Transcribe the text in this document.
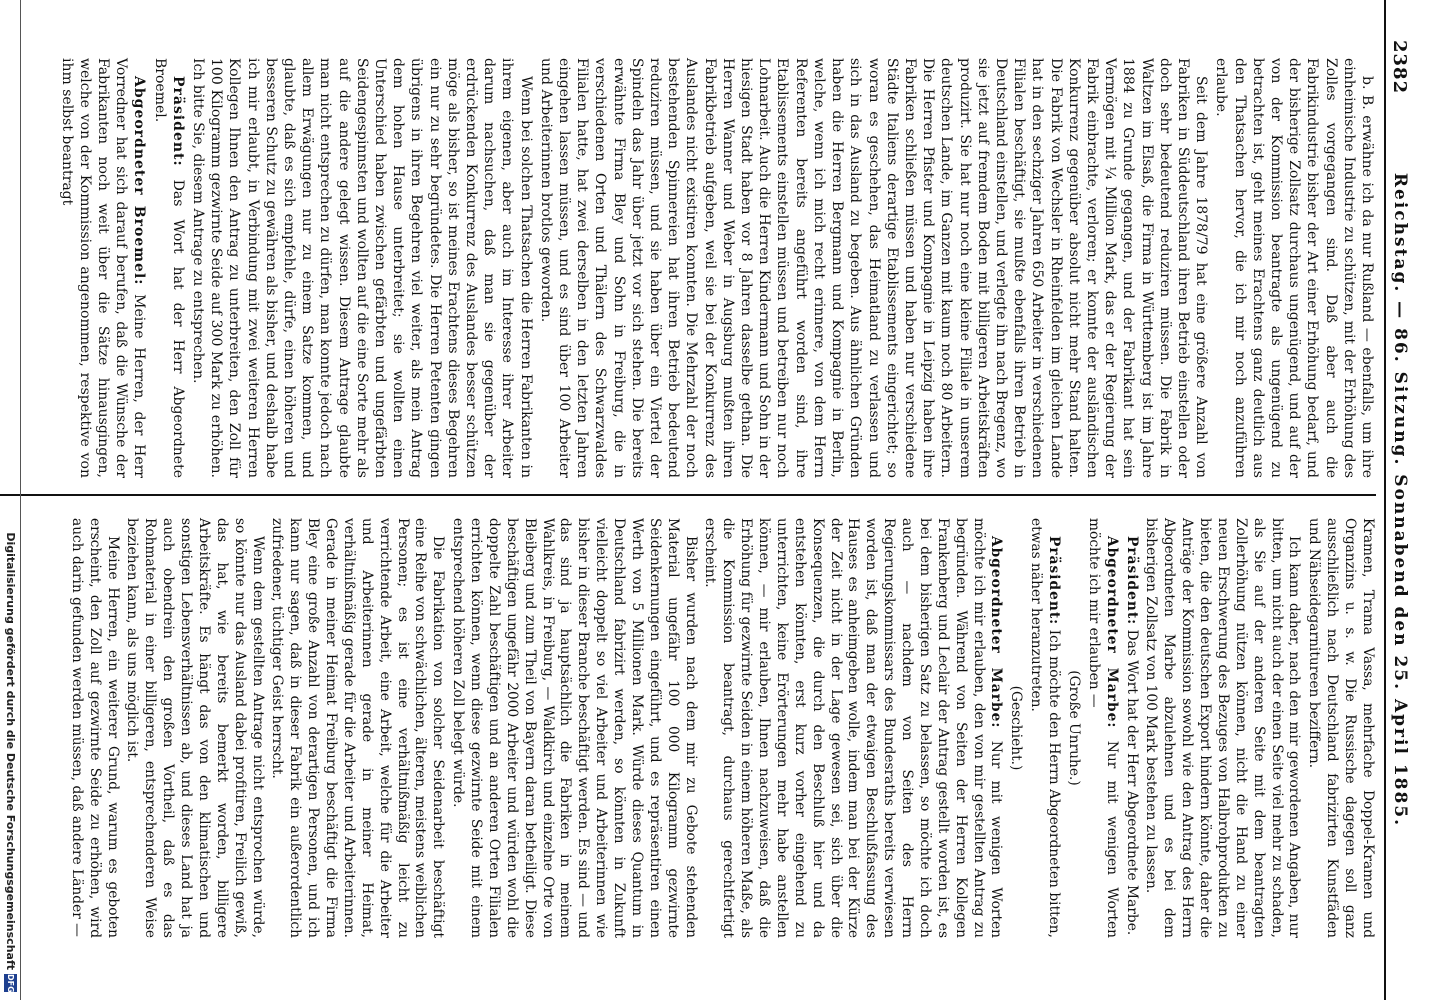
2382
Reichstag. — 86. Sitzung. Sonnabend den 25. April 1885.

b. B. erwähne ich da nur Rußland — ebenfalls, um ihre einheimische Industrie zu schützen, mit der Erhöhung des Zolles vorgegangen sind. Daß aber auch die Fabrikindustrie bisher der Art einer Erhöhung bedarf, und der bisherige Zollsatz durchaus ungenügend, und auf der von der Kommission beantragte als ungenügend zu betrachten ist, geht meines Erachtens ganz deutlich aus den Thatsachen hervor, die ich mir noch anzuführen erlaube.

Seit dem Jahre 1878/79 hat eine größere Anzahl von Fabriken in Süddeutschland ihren Betrieb einstellen oder doch sehr bedeutend reduziren müssen. Die Fabrik in Waltzen im Elsaß, die Firma in Württemberg ist im Jahre 1884 zu Grunde gegangen, und der Fabrikant hat sein Vermögen mit ¼ Million Mark, das er der Regierung der Fabrik einbrachte, verloren; er konnte der ausländischen Konkurrenz gegenüber absolut nicht mehr Stand halten. Die Fabrik von Wechsler in Rheinfelden im gleichen Lande hat in den sechziger Jahren 650 Arbeiter in verschiedenen Filialen beschäftigt, sie mußte ebenfalls ihren Betrieb in Deutschland einstellen, und verlegte ihn nach Bregenz, wo sie jetzt auf fremdem Boden mit billigeren Arbeitskräften produzirt. Sie hat nur noch eine kleine Filiale in unserem deutschen Lande, im Ganzen mit kaum noch 80 Arbeitern. Die Herren Pfister und Kompagnie in Leipzig haben ihre Fabriken schließen müssen und haben nur verschiedene Städte Italiens derartige Etablissements eingerichtet; so woran es geschehen, das Heimatland zu verlassen und sich in das Ausland zu begeben. Aus ähnlichen Gründen haben die Herren Bergmann und Kompagnie in Berlin, welche, wenn ich mich recht erinnere, von dem Herrn Referenten bereits angeführt worden sind, ihre Etablissements einstellen müssen und betreiben nur noch Lohnarbeit. Auch die Herren Kindermann und Sohn in der hiesigen Stadt haben vor 8 Jahren dasselbe gethan. Die Herren Wanner und Weber in Augsburg mußten ihren Fabrikbetrieb aufgeben, weil sie bei der Konkurrenz des Auslandes nicht existiren konnten. Die Mehrzahl der noch bestehenden Spinnereien hat ihren Betrieb bedeutend reduziren müssen, und sie haben über ein Viertel der Spindeln das Jahr über jetzt vor sich stehen. Die bereits erwähnte Firma Bley und Sohn in Freiburg, die in verschiedenen Orten und Thälern des Schwarzwaldes Filialen hatte, hat zwei derselben in den letzten Jahren eingehen lassen müssen, und es sind über 100 Arbeiter und Arbeiterinnen brotlos geworden.

Wenn bei solchen Thatsachen die Herren Fabrikanten in ihrem eigenen, aber auch im Interesse ihrer Arbeiter darum nachsuchen, daß man sie gegenüber der erdrückenden Konkurrenz des Auslandes besser schützen möge als bisher, so ist meines Erachtens dieses Begehren ein nur zu sehr begründetes. Die Herren Petenten gingen übrigens in ihren Begehren viel weiter, als mein Antrag dem hohen Hause unterbreitet; sie wollten einen Unterschied haben zwischen gefärbten und ungefärbten Seidengespinnsten und wollten auf die eine Sorte mehr als auf die andere gelegt wissen. Diesem Antrage glaubte man nicht entsprechen zu dürfen, man konnte jedoch nach allem Erwägungen nur zu einem Satze kommen, und glaubte, daß es sich empfehle, dürfe, einen höheren und besseren Schutz zu gewähren als bisher, und deshalb habe ich mir erlaubt, in Verbindung mit zwei weiteren Herren Kollegen Ihnen den Antrag zu unterbreiten, den Zoll für 100 Kilogramm gezwirnte Seide auf 300 Mark zu erhöhen. Ich bitte Sie, diesem Antrage zu entsprechen.

Präsident: Das Wort hat der Herr Abgeordnete Broemel.

Abgeordneter Broemel: Meine Herren, der Herr Vorredner hat sich darauf berufen, daß die Wünsche der Fabrikanten noch weit über die Sätze hinausgingen, welche von der Kommission angenommen, respektive von ihm selbst beantragt

Kramen, Trama Vassa, mehrfache Doppel-Kramen und Organzins u. s. w. Die Russische dagegen soll ganz ausschließlich nach Deutschland fabrizirten Kunstfäden und Nähseidegarnitureen beziffern.

Ich kann daher, nach den mir gewordenen Angaben, nur bitten, um nicht auch der einen Seite viel mehr zu schaden, als Sie auf der anderen Seite mit dem beantragten Zollerhöhung nützen können, nicht die Hand zu einer neuen Erschwerung des Bezuges von Halbrohprodukten zu bieten, die den deutschen Export hindern könnte, daher die Anträge der Kommission sowohl wie den Antrag des Herrn Abgeordneten Marbe abzulehnen und es bei dem bisherigen Zollsatz von 100 Mark bestehen zu lassen.

Präsident: Das Wort hat der Herr Abgeordnete Marbe.

Abgeordneter Marbe: Nur mit wenigen Worten möchte ich mir erlauben —

(Große Unruhe.)

Präsident: Ich möchte den Herrn Abgeordneten bitten, etwas näher heranzutreten.

(Geschieht.)

Abgeordneter Marbe: Nur mit wenigen Worten möchte ich mir erlauben, den von mir gestellten Antrag zu begründen. Während von Seiten der Herren Kollegen Frankenberg und Leclair der Antrag gestellt worden ist, es bei dem bisherigen Satz zu belassen, so möchte ich doch auch — nachdem von Seiten des Herrn Regierungskommissars des Bundesraths bereits verwiesen worden ist, daß man der etwaigen Beschlußfassung des Hauses es anheimgeben wolle, indem man bei der Kürze der Zeit nicht in der Lage gewesen sei, sich über die Konsequenzen, die durch den Beschluß hier und da entstehen könnten, erst kurz vorher eingehend zu unterrichten, keine Erörterungen mehr habe anstellen können, — mir erlauben, Ihnen nachzuweisen, daß die Erhöhung für gezwirnte Seiden in einem höheren Maße, als die Kommission beantragt, durchaus gerechtfertigt erscheint.

Bisher wurden nach dem mir zu Gebote stehenden Material ungefähr 100 000 Kilogramm gezwirnte Seidenkernungen eingeführt, und es repräsentiren einen Werth von 5 Millionen Mark. Würde dieses Quantum in Deutschland fabrizirt werden, so könnten in Zukunft vielleicht doppelt so viel Arbeiter und Arbeiterinnen wie bisher in dieser Branche beschäftigt werden. Es sind — und das sind ja hauptsächlich die Fabriken in meinem Wahlkreis, in Freiburg, — Waldkirch und einzelne Orte von Bleiberg und zum Theil von Bayern daran betheiligt. Diese beschäftigen ungefähr 2000 Arbeiter und würden wohl die doppelte Zahl beschäftigen und an anderen Orten Filialen errichten können, wenn diese gezwirnte Seide mit einem entsprechend höheren Zoll belegt würde.

Die Fabrikation von solcher Seidenarbeit beschäftigt eine Reihe von schwächlichen, älteren, meistens weiblichen Personen; es ist eine verhältnißmäßig leicht zu verrichtende Arbeit, eine Arbeit, welche für die Arbeiter und Arbeiterinnen gerade in meiner Heimat, verhältnißmäßig gerade für die Arbeiter und Arbeiterinnen. Gerade in meiner Heimat Freiburg beschäftigt die Firma Bley eine große Anzahl von derartigen Personen, und ich kann nur sagen, daß in dieser Fabrik ein außerordentlich zufriedener, tüchtiger Geist herrscht.

Wenn dem gestellten Antrage nicht entsprochen würde, so könnte nur das Ausland dabei profitiren, Freilich gewiß, das hat, wie bereits bemerkt worden, billigere Arbeitskräfte. Es hängt das von den klimatischen und sonstigen Lebensverhältnissen ab, und dieses Land hat ja auch obendrein den großen Vortheil, daß es das Rohmaterial in einer billigeren, entsprechenderen Weise beziehen kann, als uns möglich ist.

Meine Herren, ein weiterer Grund, warum es geboten erscheint, den Zoll auf gezwirnte Seide zu erhöhen, wird auch darin gefunden werden müssen, daß andere Länder —

Digitalisierung gefördert durch die Deutsche Forschungsgemeinschaft
DFG
